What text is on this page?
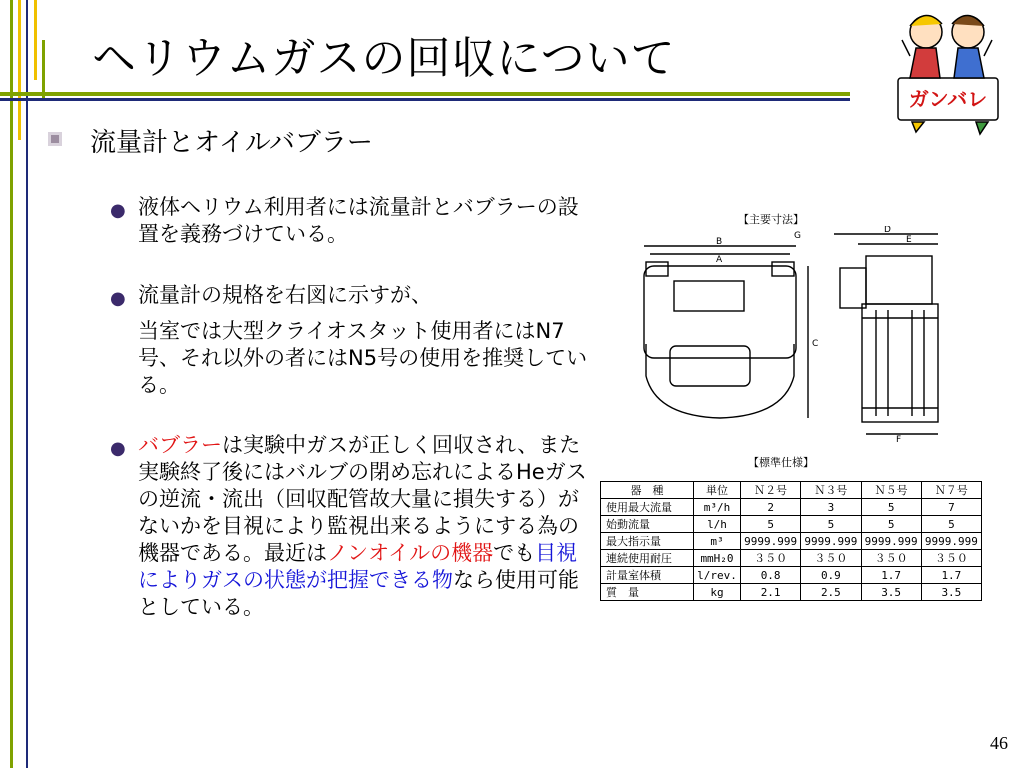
ヘリウムガスの回収について
ガンバレ
流量計とオイルバブラー
● 液体ヘリウム利用者には流量計とバブラーの設置を義務づけている。
● 流量計の規格を右図に示すが、
当室では大型クライオスタット使用者にはN7号、それ以外の者にはN5号の使用を推奨している。
● バブラーは実験中ガスが正しく回収され、また実験終了後にはバルブの閉め忘れによるHeガスの逆流・流出（回収配管故大量に損失する）がないかを目視により監視出来るようにする為の機器である。最近はノンオイルの機器でも目視によりガスの状態が把握できる物なら使用可能としている。
【主要寸法】
B
A
G
C
D
E
F
【標準仕様】
器　種	単位	Ｎ２号	Ｎ３号	Ｎ５号	Ｎ７号
使用最大流量	m³/h	2	3	5	7
始動流量	l/h	5	5	5	5
最大指示量	m³	9999.999	9999.999	9999.999	9999.999
連続使用耐圧	mmH₂0	３５０	３５０	３５０	３５０
計量室体積	l/rev.	0.8	0.9	1.7	1.7
質　量	kg	2.1	2.5	3.5	3.5
46
